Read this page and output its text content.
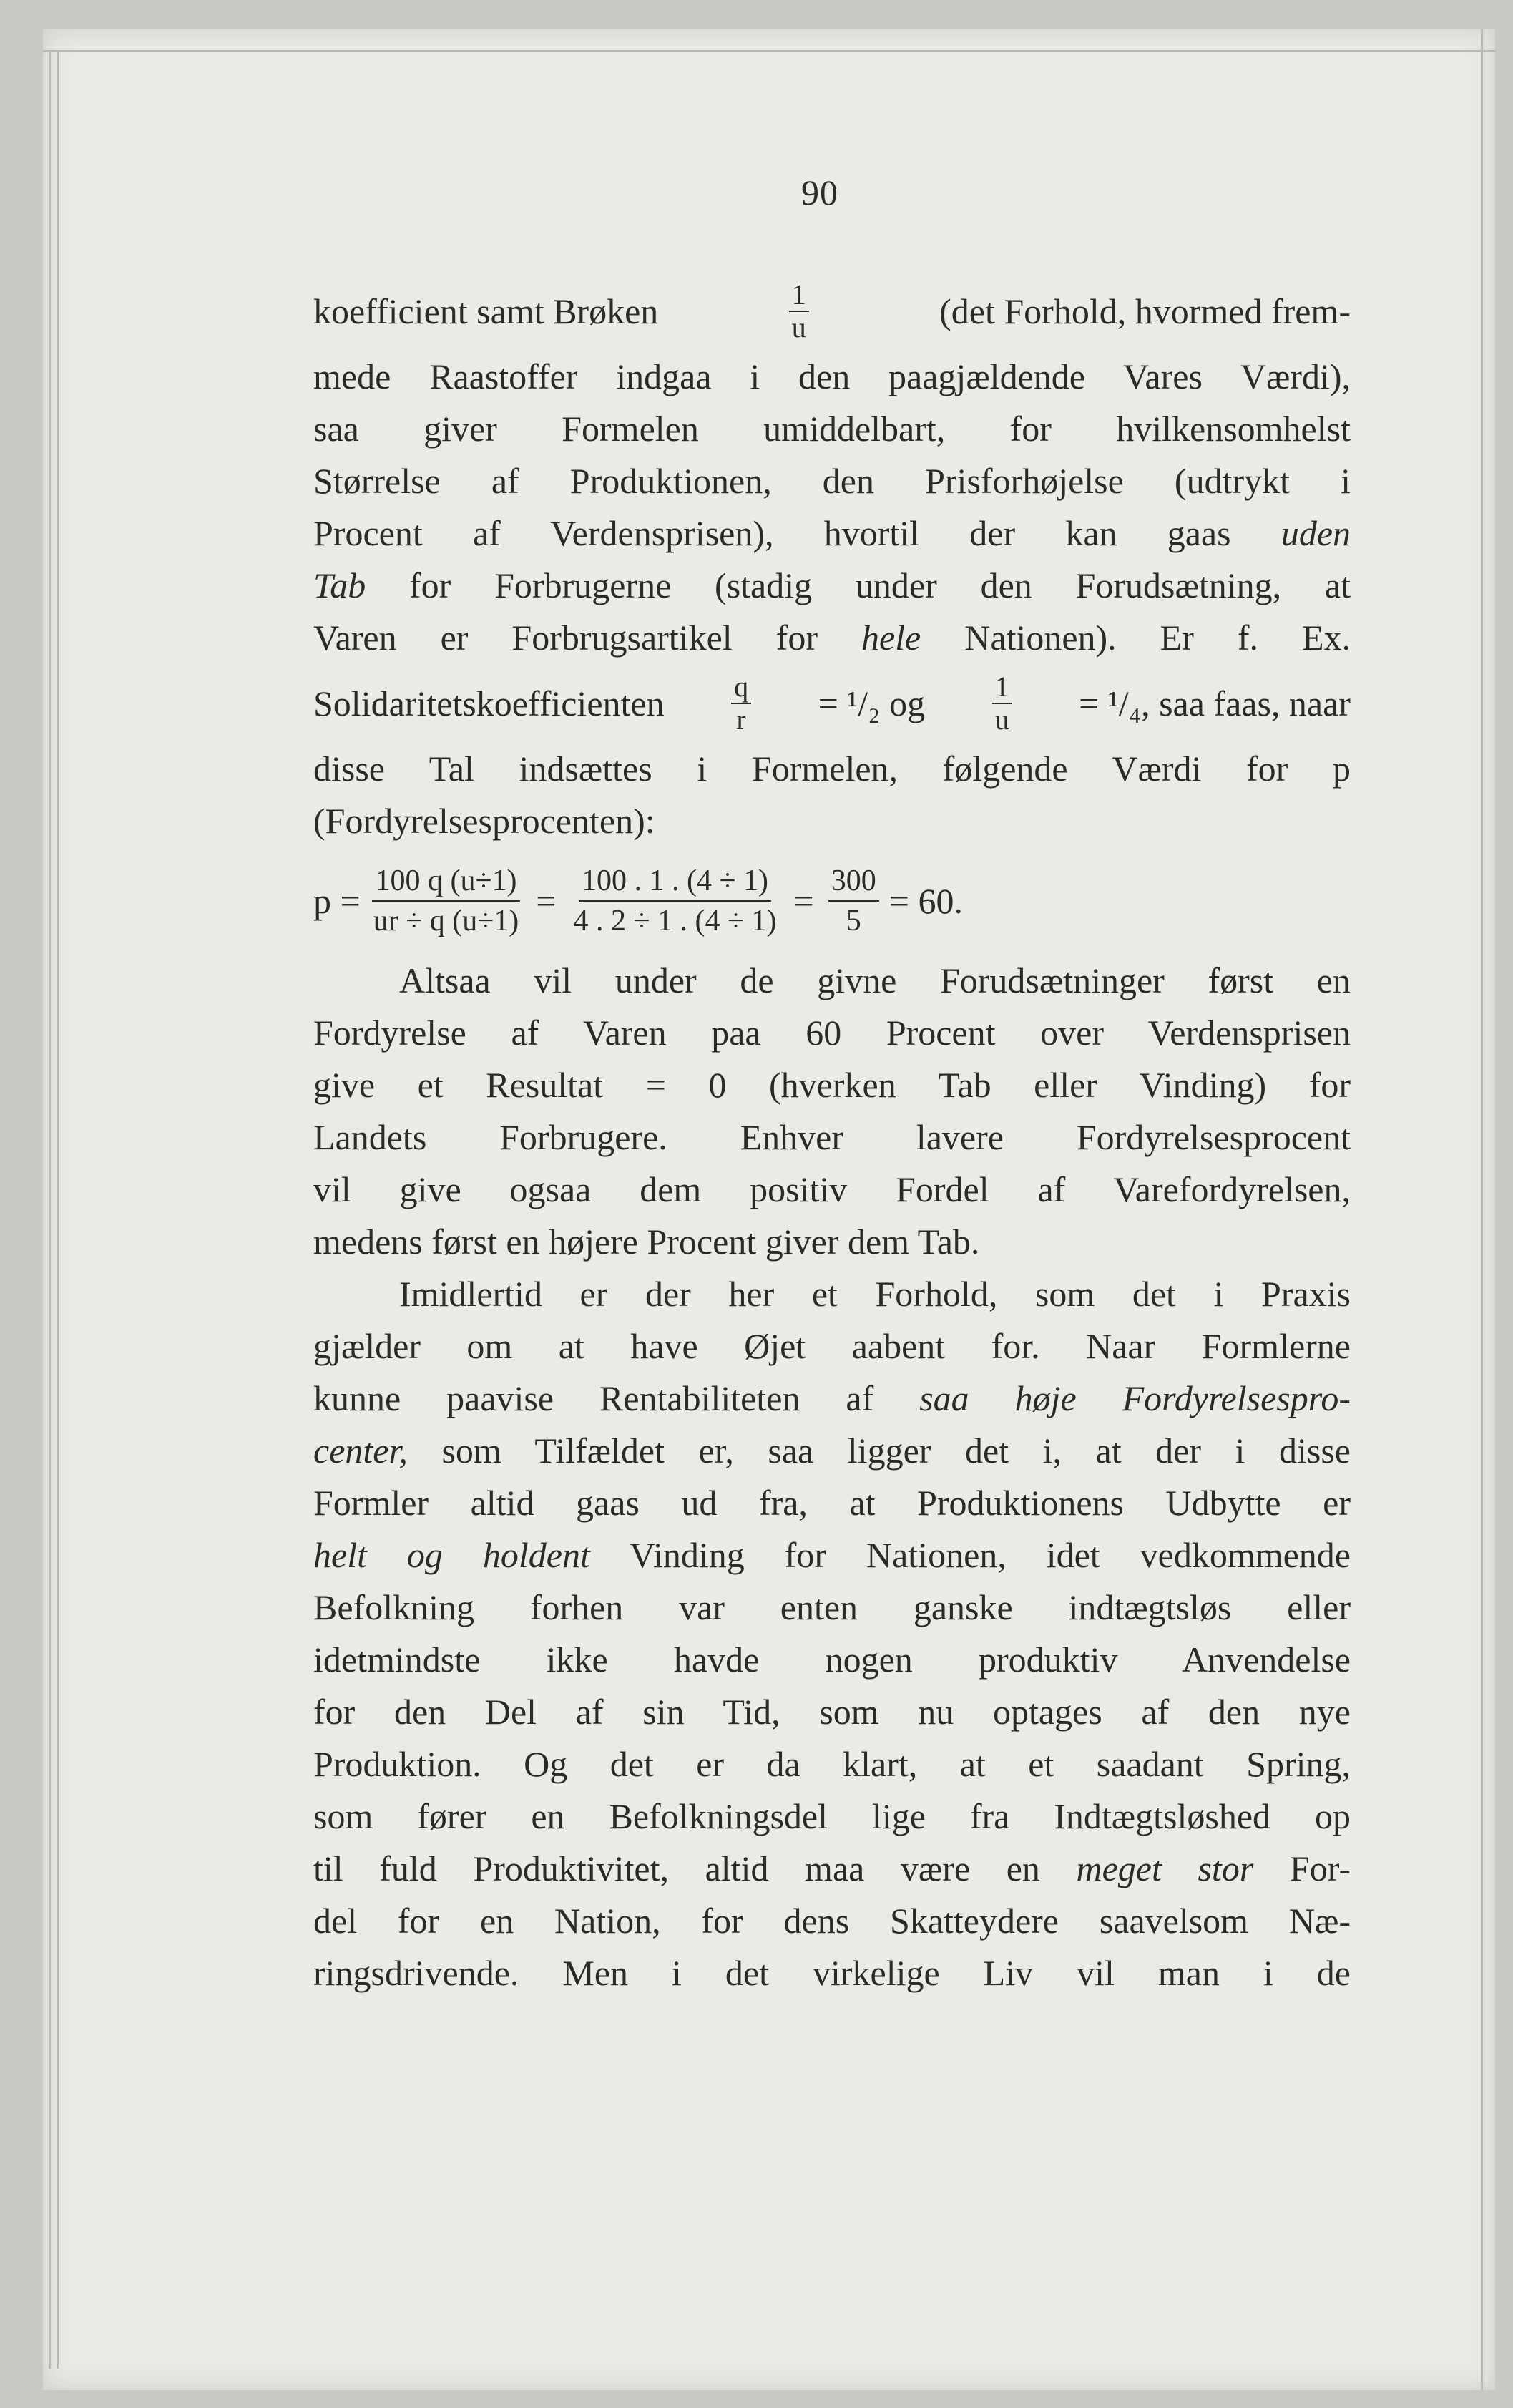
90
koefficient samt Brøken	$\frac{1}{u}$	(det Forhold, hvormed frem-
mede Raastoffer indgaa i den paagjældende Vares Værdi),
saa giver Formelen umiddelbart, for hvilkensomhelst
Størrelse af Produktionen, den Prisforhøjelse (udtrykt i
Procent af Verdensprisen), hvortil der kan gaas uden
Tab for Forbrugerne (stadig under den Forudsætning, at
Varen er Forbrugsartikel for hele Nationen). Er f. Ex.
Solidaritetskoefficienten $\frac{q}{r} = ^1/_2$ og $\frac{1}{u} = ^1/_4$, saa faas, naar
disse Tal indsættes i Formelen, følgende Værdi for p
(Fordyrelsesprocenten):
$p = \frac{100 q (u\div 1)}{ur \div q (u\div 1)} = \frac{100 . 1 . (4 \div 1)}{4 . 2 \div 1 . (4 \div 1)} = \frac{300}{5} = 60$.
Altsaa vil under de givne Forudsætninger først en
Fordyrelse af Varen paa 60 Procent over Verdensprisen
give et Resultat = 0 (hverken Tab eller Vinding) for
Landets Forbrugere. Enhver lavere Fordyrelsesprocent
vil give ogsaa dem positiv Fordel af Varefordyrelsen,
medens først en højere Procent giver dem Tab.
Imidlertid er der her et Forhold, som det i Praxis
gjælder om at have Øjet aabent for. Naar Formlerne
kunne paavise Rentabiliteten af saa høje Fordyrelsespro-
center, som Tilfældet er, saa ligger det i, at der i disse
Formler altid gaas ud fra, at Produktionens Udbytte er
helt og holdent Vinding for Nationen, idet vedkommende
Befolkning forhen var enten ganske indtægtsløs eller
idetmindste ikke havde nogen produktiv Anvendelse
for den Del af sin Tid, som nu optages af den nye
Produktion. Og det er da klart, at et saadant Spring,
som fører en Befolkningsdel lige fra Indtægtsløshed op
til fuld Produktivitet, altid maa være en meget stor For-
del for en Nation, for dens Skatteydere saavelsom Næ-
ringsdrivende. Men i det virkelige Liv vil man i de
